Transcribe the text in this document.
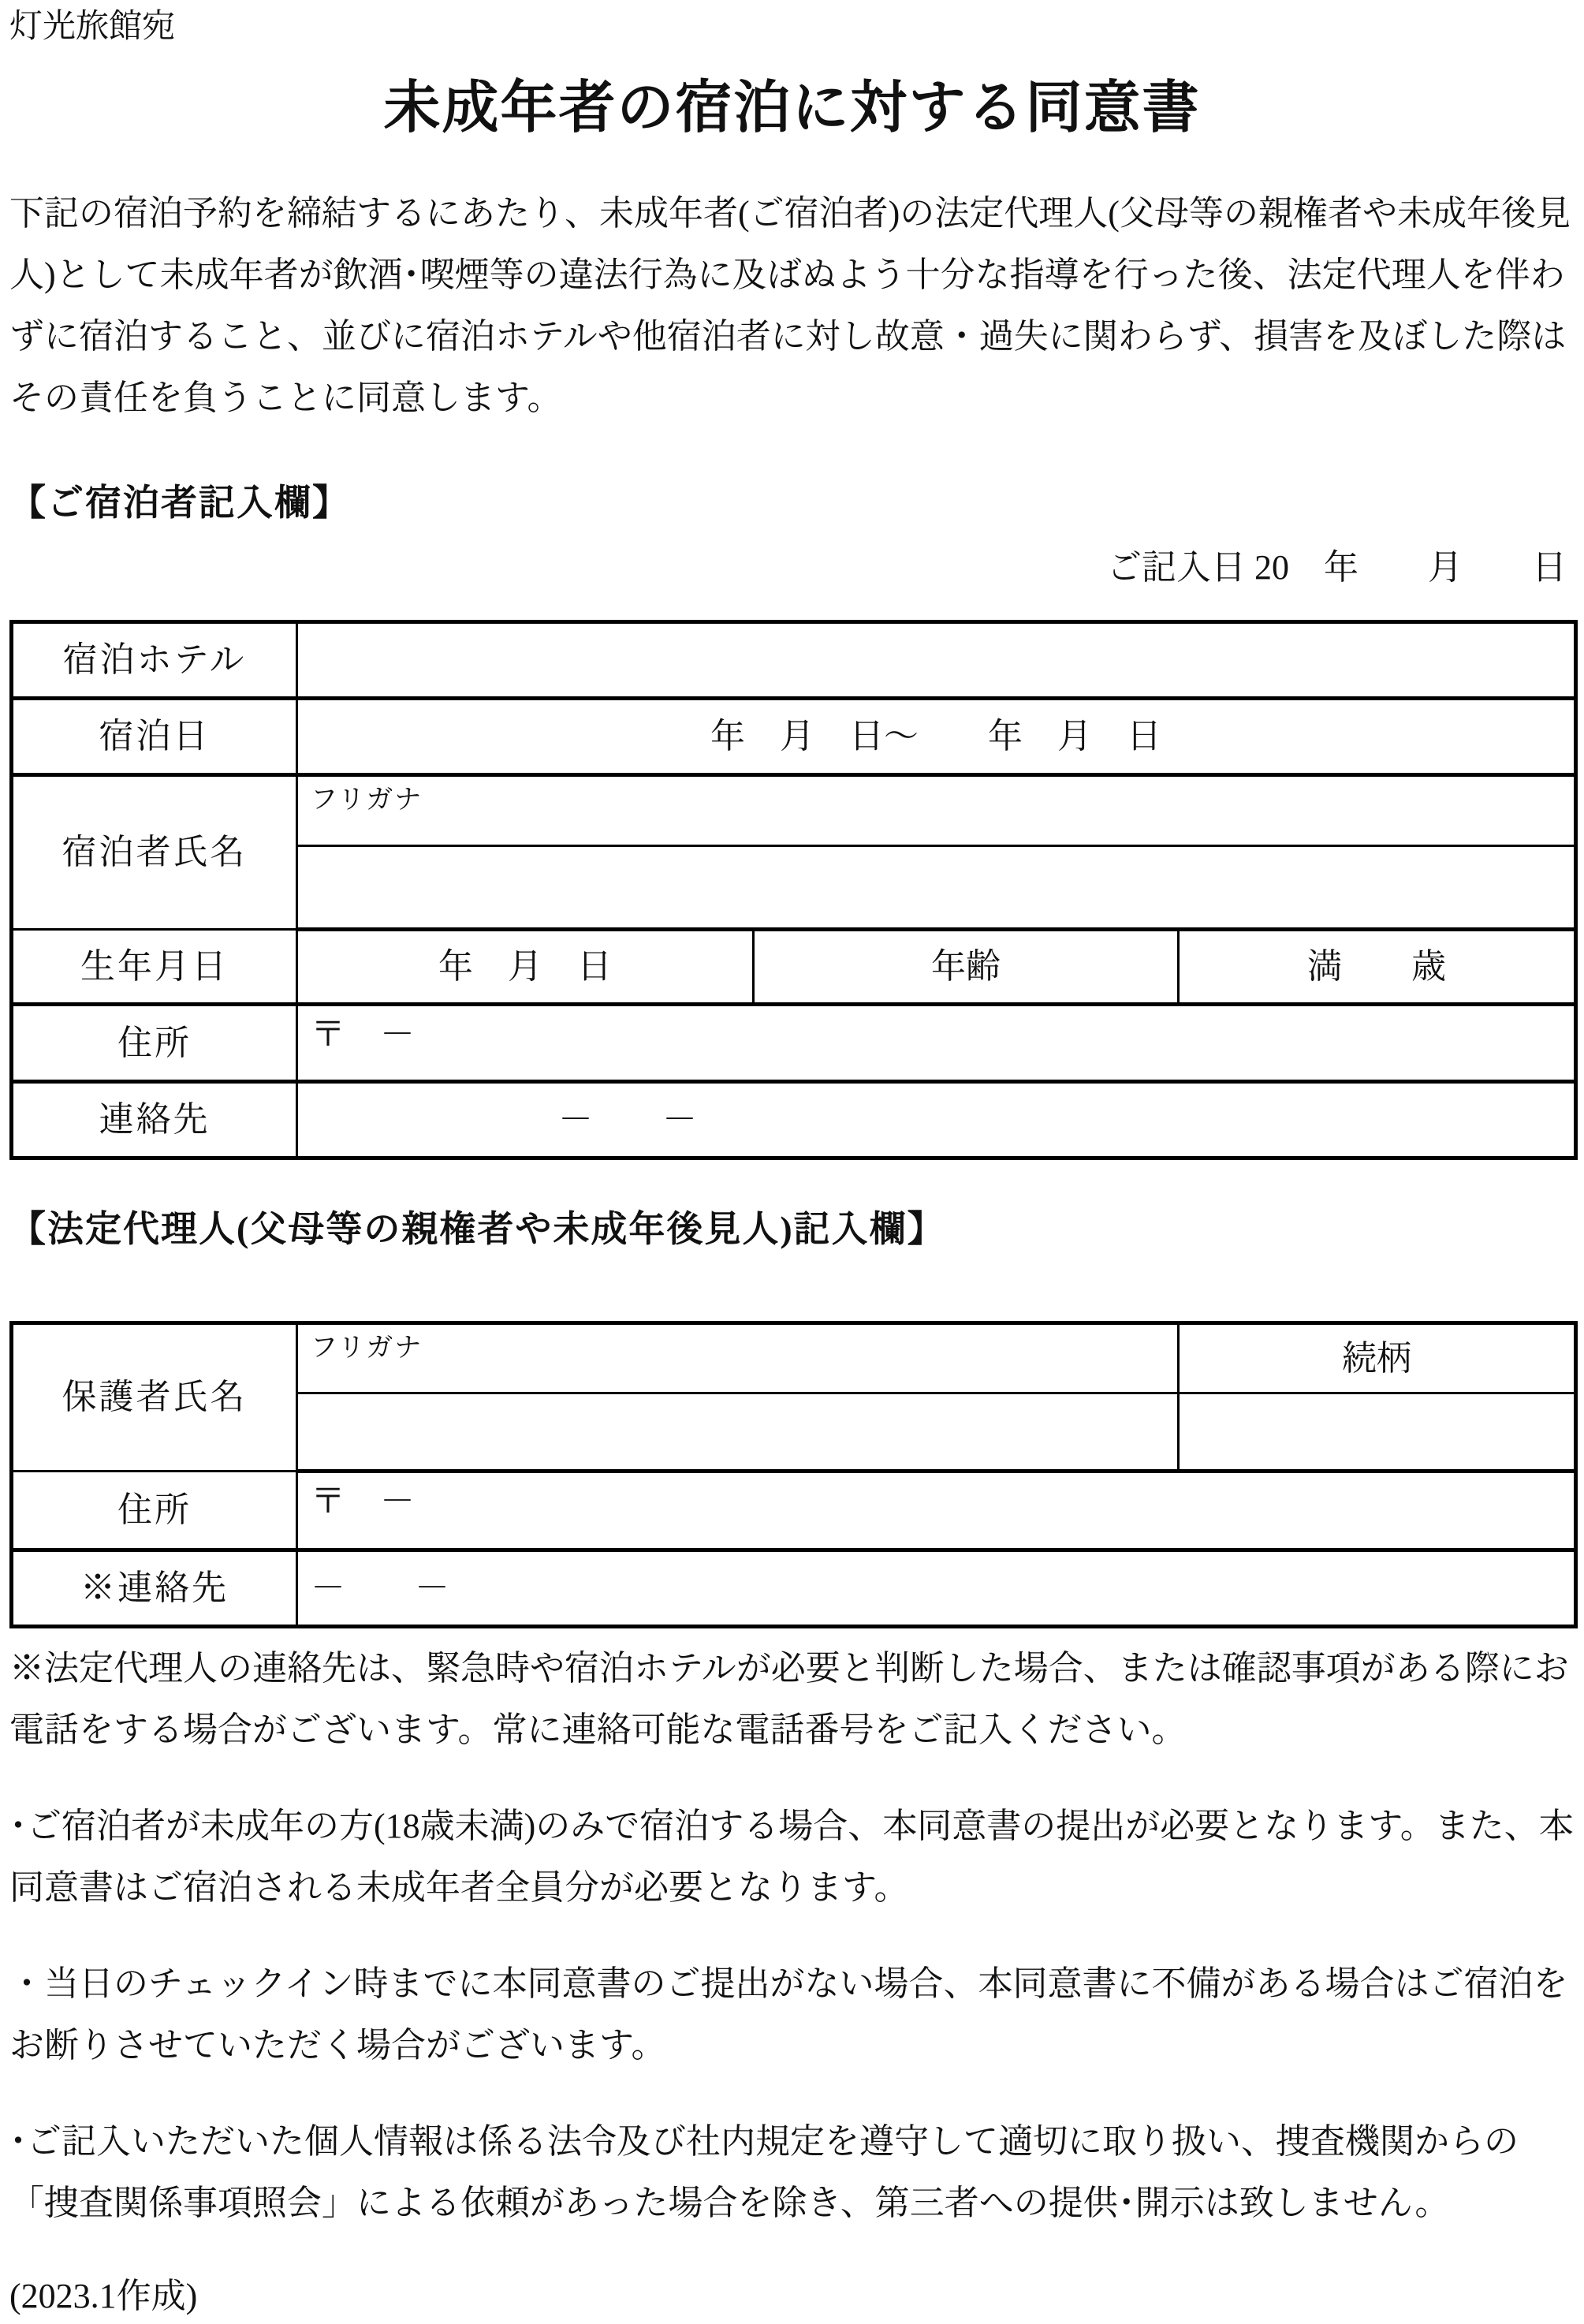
灯光旅館宛
未成年者の宿泊に対する同意書

下記の宿泊予約を締結するにあたり、未成年者(ご宿泊者)の法定代理人(父母等の親権者や未成年後見人)として未成年者が飲酒･喫煙等の違法行為に及ばぬよう十分な指導を行った後、法定代理人を伴わずに宿泊すること、並びに宿泊ホテルや他宿泊者に対し故意・過失に関わらず、損害を及ぼした際はその責任を負うことに同意します。

【ご宿泊者記入欄】
ご記入日 20　年　　月　　日
宿泊ホテル			
宿泊日	年　月　日～　　年　月　日		
宿泊者氏名	フリガナ		

生年月日	年　月　日	年齢	満　　歳
住所	〒　－		
連絡先	－　　－		
【法定代理人(父母等の親権者や未成年後見人)記入欄】
保護者氏名	フリガナ	続柄

住所	〒　－	
※連絡先	－　　－	

※法定代理人の連絡先は、緊急時や宿泊ホテルが必要と判断した場合、または確認事項がある際にお電話をする場合がございます。常に連絡可能な電話番号をご記入ください。

･ご宿泊者が未成年の方(18歳未満)のみで宿泊する場合、本同意書の提出が必要となります。また、本同意書はご宿泊される未成年者全員分が必要となります。

・当日のチェックイン時までに本同意書のご提出がない場合、本同意書に不備がある場合はご宿泊をお断りさせていただく場合がございます。

･ご記入いただいた個人情報は係る法令及び社内規定を遵守して適切に取り扱い、捜査機関からの「捜査関係事項照会」による依頼があった場合を除き、第三者への提供･開示は致しません。

(2023.1作成)
